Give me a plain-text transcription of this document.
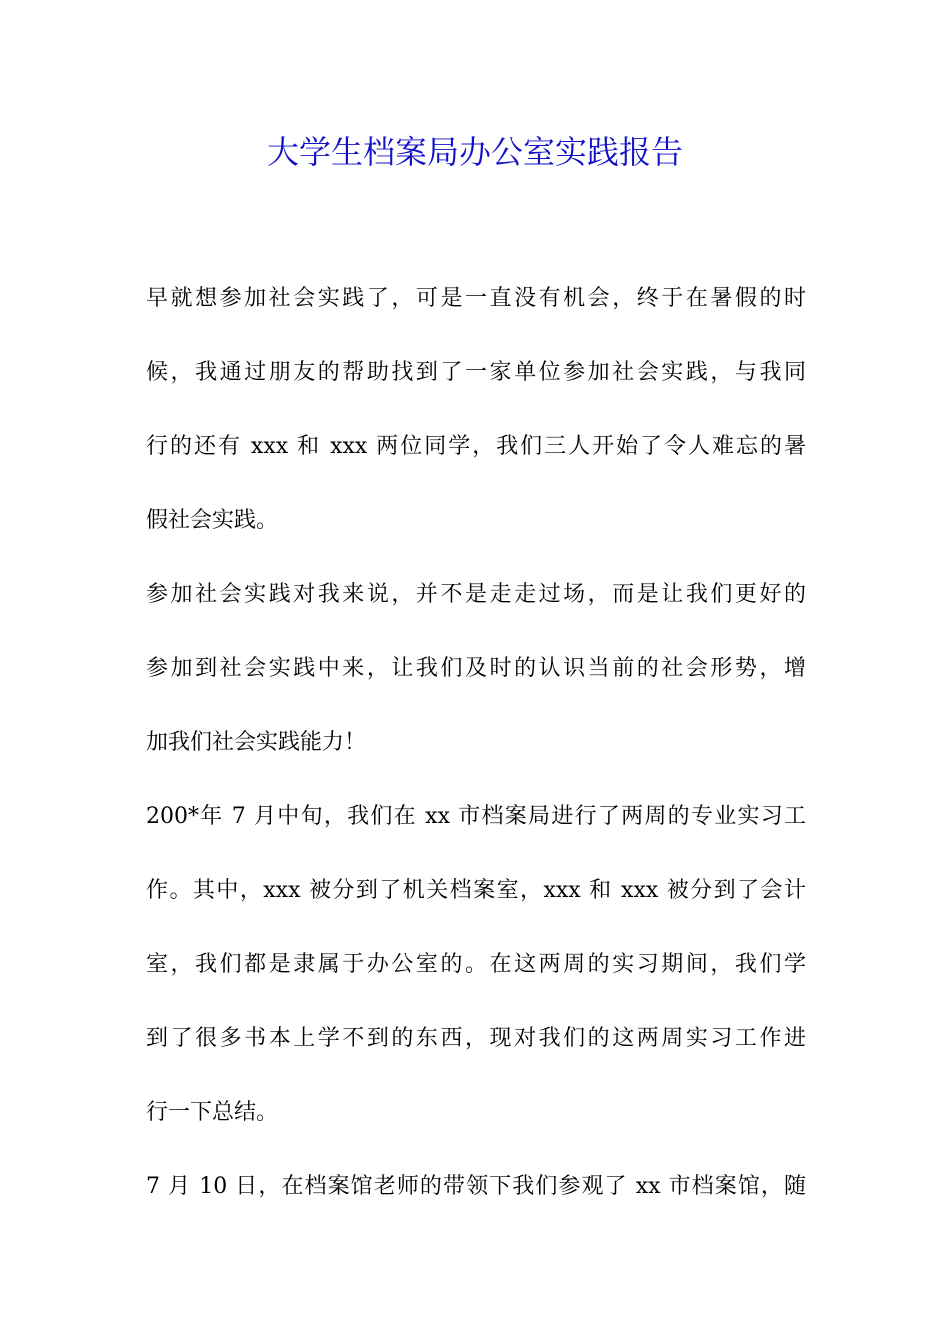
大学生档案局办公室实践报告
早就想参加社会实践了，可是一直没有机会，终于在暑假的时
候，我通过朋友的帮助找到了一家单位参加社会实践，与我同
行的还有 xxx 和 xxx 两位同学，我们三人开始了令人难忘的暑
假社会实践。
参加社会实践对我来说，并不是走走过场，而是让我们更好的
参加到社会实践中来，让我们及时的认识当前的社会形势，增
加我们社会实践能力！
200*年 7 月中旬，我们在 xx 市档案局进行了两周的专业实习工
作。其中，xxx 被分到了机关档案室，xxx 和 xxx 被分到了会计
室，我们都是隶属于办公室的。在这两周的实习期间，我们学
到了很多书本上学不到的东西，现对我们的这两周实习工作进
行一下总结。
7 月 10 日，在档案馆老师的带领下我们参观了 xx 市档案馆，随
